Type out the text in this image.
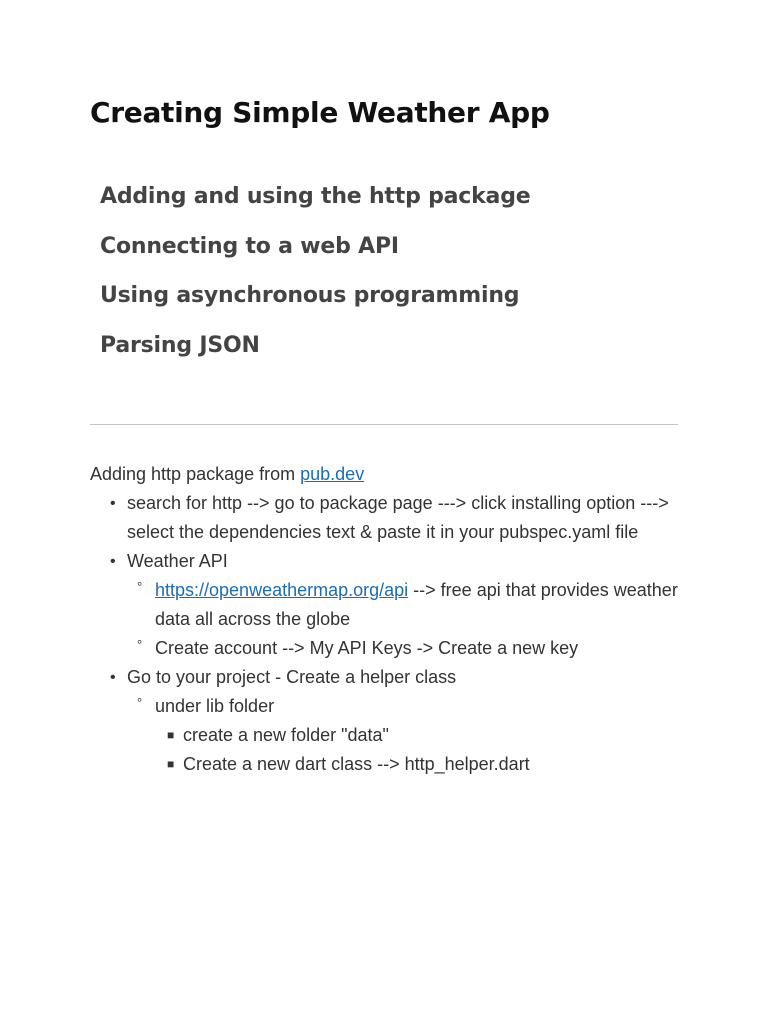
Creating Simple Weather App
Adding and using the http package
Connecting to a web API
Using asynchronous programming
Parsing JSON
Adding http package from pub.dev
• search for http --> go to package page ---> click installing option ---> select the dependencies text & paste it in your pubspec.yaml file
• Weather API
° https://openweathermap.org/api --> free api that provides weather data all across the globe
° Create account --> My API Keys -> Create a new key
• Go to your project - Create a helper class
° under lib folder
■ create a new folder "data"
■ Create a new dart class --> http_helper.dart
